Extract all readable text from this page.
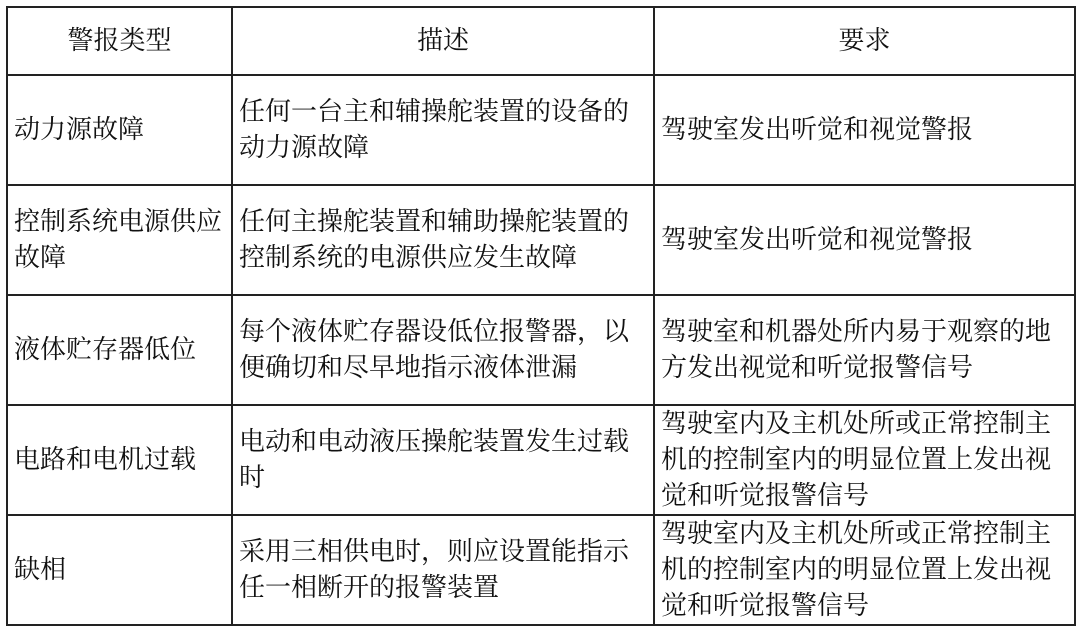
警报类型	描述	要求
动力源故障	任何一台主和辅操舵装置的设备的动力源故障	驾驶室发出听觉和视觉警报
控制系统电源供应故障	任何主操舵装置和辅助操舵装置的控制系统的电源供应发生故障	驾驶室发出听觉和视觉警报
液体贮存器低位	每个液体贮存器设低位报警器，以便确切和尽早地指示液体泄漏	驾驶室和机器处所内易于观察的地方发出视觉和听觉报警信号
电路和电机过载	电动和电动液压操舵装置发生过载时	驾驶室内及主机处所或正常控制主机的控制室内的明显位置上发出视觉和听觉报警信号
缺相	采用三相供电时，则应设置能指示任一相断开的报警装置	驾驶室内及主机处所或正常控制主机的控制室内的明显位置上发出视觉和听觉报警信号
